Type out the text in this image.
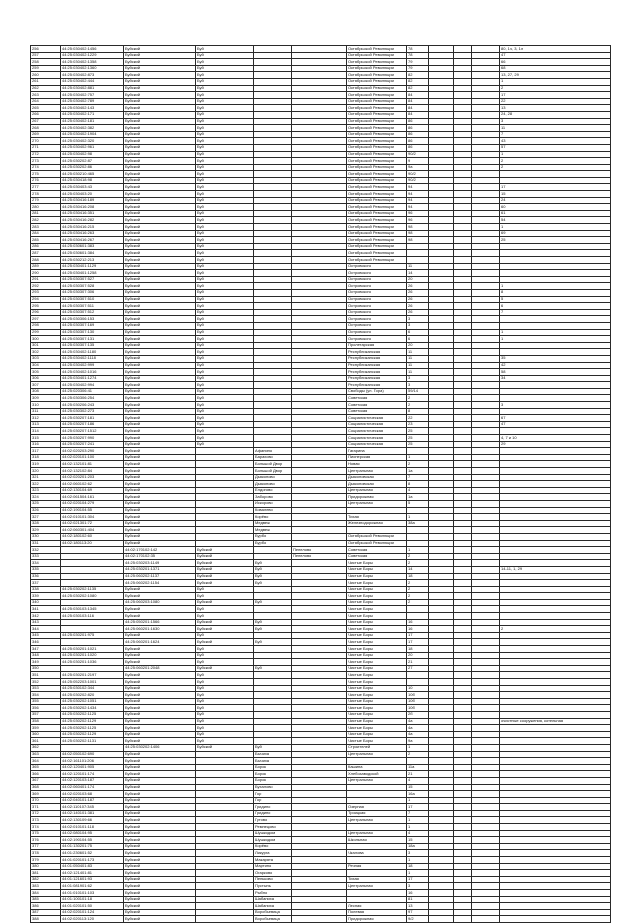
256	44:25:030402:1456	Буйский	Буй			Октябрьской Революции	78				80, 1ч, 3, 1л
257	44:25:030402:1229	Буйский	Буй			Октябрьской Революции	78				47
258	44:25:030402:1358	Буйский	Буй			Октябрьской Революции	79				66
259	44:25:030402:1360	Буйский	Буй			Октябрьской Революции	79				68
260	44:25:030402:873	Буйский	Буй			Октябрьской Революции	82				13, 27, 29
261	44:25:030402:444	Буйский	Буй			Октябрьской Революции	82				1
262	44:25:030402:881	Буйский	Буй			Октябрьской Революции	82				2
263	44:25:030402:757	Буйский	Буй			Октябрьской Революции	84				17
264	44:25:030402:789	Буйский	Буй			Октябрьской Революции	84				22
265	44:25:030402:143	Буйский	Буй			Октябрьской Революции	84				13
266	44:25:030402:171	Буйский	Буй			Октябрьской Революции	84				24, 28
267	44:25:030402:181	Буйский	Буй			Октябрьской Революции	86				3
268	44:25:030402:382	Буйский	Буй			Октябрьской Революции	86				11
269	44:25:030402:1904	Буйский	Буй			Октябрьской Революции	86				7
270	44:25:030402:320	Буйский	Буй			Октябрьской Революции	86				43
271	44:25:030402:961	Буйский	Буй			Октябрьской Революции	86				57
272	44:25:030402:98	Буйский	Буй			Октябрьской Революции	90/2				1
273	44:25:030202:87	Буйский	Буй			Октябрьской Революции	9				2
274	44:25:030202:86	Буйский	Буй			Октябрьской Революции	9а				2
275	44:25:030210:465	Буйский	Буй			Октябрьской Революции	90/2				
276	44:25:030418:98	Буйский	Буй			Октябрьской Революции	90/2				
277	44:25:030403:43	Буйский	Буй			Октябрьской Революции	94				17
278	44:25:030403:20	Буйский	Буй			Октябрьской Революции	94				15
279	44:25:030416:189	Буйский	Буй			Октябрьской Революции	94				24
280	44:25:030416:208	Буйский	Буй			Октябрьской Революции	94				60
281	44:25:030416:351	Буйский	Буй			Октябрьской Революции	96				61
282	44:25:030416:282	Буйский	Буй			Октябрьской Революции	96				54
283	44:25:030416:215	Буйский	Буй			Октябрьской Революции	98				1
284	44:25:030416:263	Буйский	Буй			Октябрьской Революции	98				69
285	44:25:030416:267	Буйский	Буй			Октябрьской Революции	98				25
286	44:25:030601:383	Буйский	Буй			Октябрьской Революции					
287	44:25:030601:384	Буйский	Буй			Октябрьской Революции					
288	44:25:030212:213	Буйский	Буй			Октябрьской Революции					
289	44:25:030401:1129	Буйский	Буй			Островского	11				
290	44:25:030401:1258	Буйский	Буй			Островского	14				
291	44:25:030307:527	Буйский	Буй			Островского	20				
292	44:25:030307:528	Буйский	Буй			Островского	26				1
293	44:25:030307:306	Буйский	Буй			Островского	26				8
294	44:25:030307:510	Буйский	Буй			Островского	26				5
295	44:25:030307:511	Буйский	Буй			Островского	26				6
296	44:25:030307:512	Буйский	Буй			Островского	26				7
297	44:25:030306:153	Буйский	Буй			Островского	3				
298	44:25:030307:169	Буйский	Буй			Островского	3				
299	44:25:030307:130	Буйский	Буй			Островского	6				1
300	44:25:030307:131	Буйский	Буй			Островского	6				1
301	44:25:030307:135	Буйский	Буй			Пролетарская	20				
302	44:25:030402:1180	Буйский	Буй			Республиканская	11				
303	44:25:030402:1118	Буйский	Буй			Республиканская	11				35
304	44:25:030402:999	Буйский	Буй			Республиканская	11				42
305	44:25:030402:1016	Буйский	Буй			Республиканская	11				58
306	44:25:030401:1274	Буйский	Буй			Республиканская	3				34
307	44:25:030402:994	Буйский	Буй			Республиканская	3				
308	44:25:020306:41	Буйский	Буй			Свободы (ул. Гора)	59/14				
309	44:25:030306:254	Буйский	Буй			Советская	2				
310	44:25:030206:243	Буйский	Буй			Советская	2				3
311	44:25:030302:273	Буйский	Буй			Советская	8				
312	44:25:030207:181	Буйский	Буй			Социалистическая	22				67
313	44:25:030207:186	Буйский	Буй			Социалистическая	23				47
314	44:25:030207:1512	Буйский	Буй			Социалистическая	25				
315	44:25:030207:990	Буйский	Буй			Социалистическая	25				4, 7 и 10
316	44:25:030207:241	Буйский	Буй			Социалистическая	25				29
317	44:02:020203:290	Буйский		Афанино		Гагарина					
318	44:02:020101:100	Буйский		Барахово		Пионерская	1				
319	44:02:132101:81	Буйский		Большой Двор		Новая	2				
320	44:02:132102:84	Буйский		Большой Двор		Центральная	1а				
321	44:02:020201:203	Буйский		Дьяконово		Дьяконовская	7				
322	44:02:060102:62	Буйский		Дьяконово		Дьяконовская	8				
323	44:02:130104:69	Буйский		Елдогово		Центральная	4				
324	44:02:061504:161	Буйский		Заборово		Придорожная	1а				
325	44:02:020104:279	Буйский		Искорово		Центральная	5				
326	44:02:190104:55	Буйский		Ковалево							
327	44:02:010101:304	Буйский		Корёво		Тихая	1				
328	44:02:021301:72	Буйский		Медвеж		Железнодорожная	38а				
329	44:02:060301:404	Буйский		Медвеж							
330	44:02:180102:60	Буйский		Бурбо		Октябрьской Революции					
331	44:02:180113:20	Буйский		Бурбо		Октябрьской Революции					
332		44:02:170102:142	Буйский		Пепелово	Советская	1				
333		44:02:170102:35	Буйский		Пепелово	Советская	2				
334		44:25:030203:1149	Буйский	Буй		Чистые Боры	2				
335		44:25:030201:1371	Буйский	Буй		Чистые Боры	14				14-11, 1, 29
336		44:25:060202:1137	Буйский	Буй		Чистые Боры	18				
337		44:25:060202:1154	Буйский	Буй		Чистые Боры	2				
338	44:25:030202:1135	Буйский	Буй			Чистые Боры	2				
339	44:25:030202:1080	Буйский	Буй			Чистые Боры	2				
340		44:25:060203:1080	Буйский	Буй		Чистые Боры	2				
341	44:25:030103:1345	Буйский	Буй			Чистые Боры					
342	44:25:030103:116	Буйский	Буй			Чистые Боры					
343		44:25:050201:1566	Буйский	Буй		Чистые Боры	16				
344		44:25:060201:1630	Буйский	Буй		Чистые Боры	16				2
345	44:25:030201:975	Буйский	Буй			Чистые Боры	17				
346		44:25:060201:1624	Буйский	Буй		Чистые Боры	17				
347	44:25:030201:1021	Буйский	Буй			Чистые Боры	18				
348	44:25:030201:1020	Буйский	Буй			Чистые Боры	20				
349	44:25:030201:1036	Буйский	Буй			Чистые Боры	21				
350		44:25:060201:2048	Буйский	Буй		Чистые Боры	27				
351	44:25:030201:2197	Буйский	Буй			Чистые Боры					
352	44:25:052203:1001	Буйский	Буй			Чистые Боры					
353	44:25:030102:344	Буйский	Буй			Чистые Боры	10				
354	44:25:030202:820	Буйский	Буй			Чистые Боры	10б				
355	44:25:030202:1051	Буйский	Буй			Чистые Боры	10б				
356	44:25:030202:1434	Буйский	Буй			Чистые Боры	10б				
357	44:25:030202:1125	Буйский	Буй			Чистые Боры	2б				
358	44:25:030202:1129	Буйский	Буй			Чистые Боры	4а				очистные сооружения, котельная
359	44:25:030202:1125	Буйский	Буй			Чистые Боры	4а				
360	44:25:030202:1129	Буйский	Буй			Чистые Боры	4а				
361	44:25:030202:1131	Буйский	Буй			Чистые Боры	9а				
362		44:25:030202:1406	Буйский	Буй		Строителей	1				
363	44:02:050102:690	Буйский		Бычиха		Центральная	2				
364	44:02:161101:206	Буйский		Бычиха							
365	44:02:120401:905	Буйский		Борок		Кашина	11а				
366	44:02:120101:174	Буйский		Борок		Хлебозаводской	21				
367	44:02:120103:187	Буйский		Борок		Центральная	4				
368	44:02:060401:174	Буйский		Бухалово			15				
369	44:02:020103:68	Буйский		Гор			16а				
370	44:02:040101:187	Буйский		Гор			1				
371	44:02:110107:345	Буйский		Гридино		Озерная	17				
372	44:02:140101:381	Буйский		Гридино		Троицкая	7				
373	44:02:130109:66	Буйский		Гутово		Центральная	1				
374	44:02:010101:118	Буйский		Ремнецово			1				
375	44:02:080104:95	Буйский		Шушкодом		Центральная	4				
376	44:02:190104:55	Буйский		Шушкодом		Школьная	15				
377	44:01:130201:75	Буйский		Корёво			18а				
378	44:01:230601:52	Буйский		Ликурга		Чкалова	3				
379	44:01:020101:173	Буйский		Макарята			1				
380	44:01:050401:83	Буйский		Мартино		Речная	18				
381	44:02:121401:81	Буйский		Огарково			1				
382	44:01:121601:93	Буйский		Пеньково		Тихая	17				
383	44:01:081901:62	Буйский		Пустынь		Центральная	3				
384	44:01:010101:103	Буйский		Рыбно			16				
385	44:01:100101:18	Буйский		Шабаниха			81				
386	44:01:020101:50	Буйский		Шабаниха		Лесная	13				
387	44:02:020101:124	Буйский		Воробьевица		Полевая	97				
388	44:02:020113:120	Буйский		Воробьевица		Придорожная	9/2				
